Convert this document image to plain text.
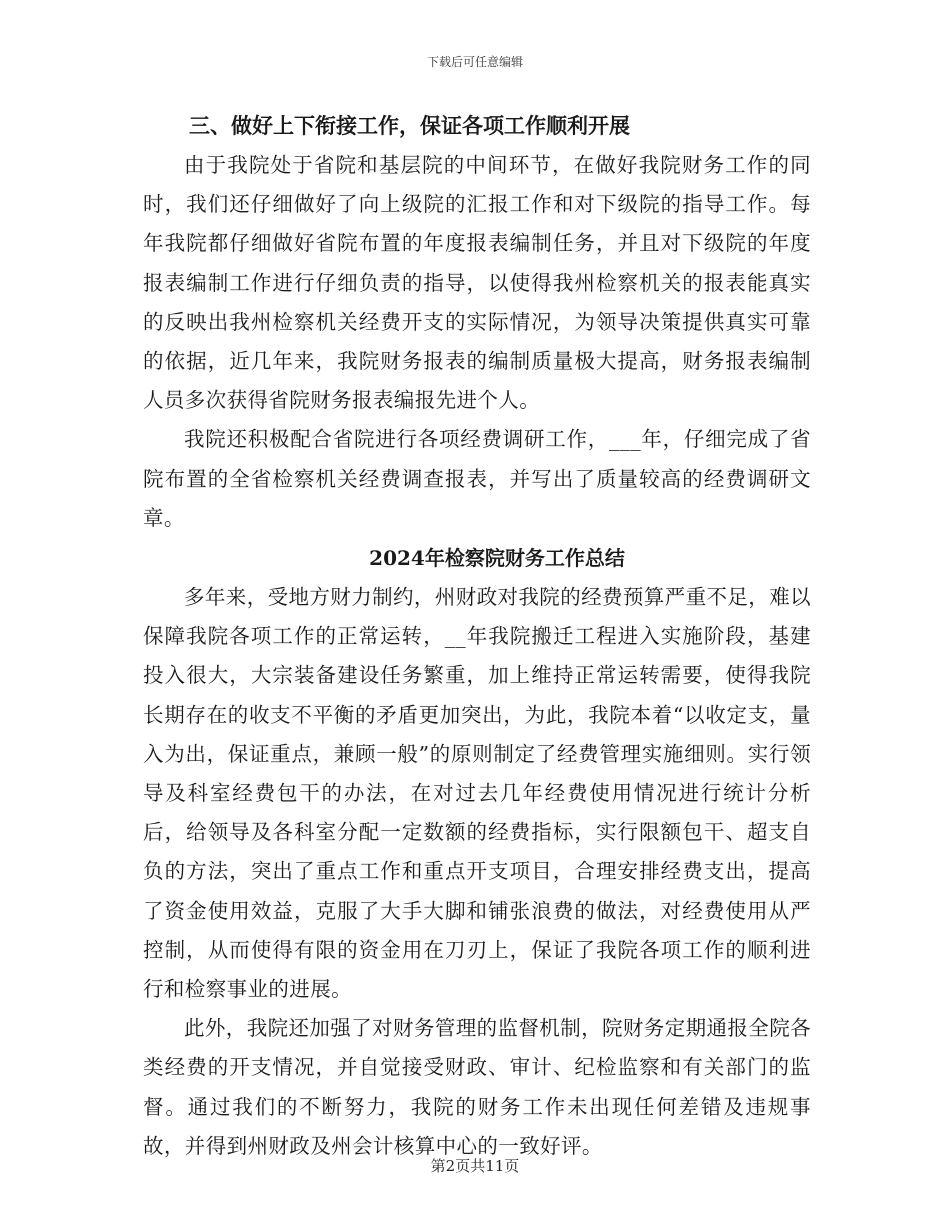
下载后可任意编辑
三、做好上下衔接工作，保证各项工作顺利开展

由于我院处于省院和基层院的中间环节，在做好我院财务工作的同时，我们还仔细做好了向上级院的汇报工作和对下级院的指导工作。每年我院都仔细做好省院布置的年度报表编制任务，并且对下级院的年度报表编制工作进行仔细负责的指导，以使得我州检察机关的报表能真实的反映出我州检察机关经费开支的实际情况，为领导决策提供真实可靠的依据，近几年来，我院财务报表的编制质量极大提高，财务报表编制人员多次获得省院财务报表编报先进个人。

我院还积极配合省院进行各项经费调研工作，___年，仔细完成了省院布置的全省检察机关经费调查报表，并写出了质量较高的经费调研文章。

2024年检察院财务工作总结

多年来，受地方财力制约，州财政对我院的经费预算严重不足，难以保障我院各项工作的正常运转，__年我院搬迁工程进入实施阶段，基建投入很大，大宗装备建设任务繁重，加上维持正常运转需要，使得我院长期存在的收支不平衡的矛盾更加突出，为此，我院本着“以收定支，量入为出，保证重点，兼顾一般”的原则制定了经费管理实施细则。实行领导及科室经费包干的办法，在对过去几年经费使用情况进行统计分析后，给领导及各科室分配一定数额的经费指标，实行限额包干、超支自负的方法，突出了重点工作和重点开支项目，合理安排经费支出，提高了资金使用效益，克服了大手大脚和铺张浪费的做法，对经费使用从严控制，从而使得有限的资金用在刀刃上，保证了我院各项工作的顺利进行和检察事业的进展。

此外，我院还加强了对财务管理的监督机制，院财务定期通报全院各类经费的开支情况，并自觉接受财政、审计、纪检监察和有关部门的监督。通过我们的不断努力，我院的财务工作未出现任何差错及违规事故，并得到州财政及州会计核算中心的一致好评。

第2页共11页
